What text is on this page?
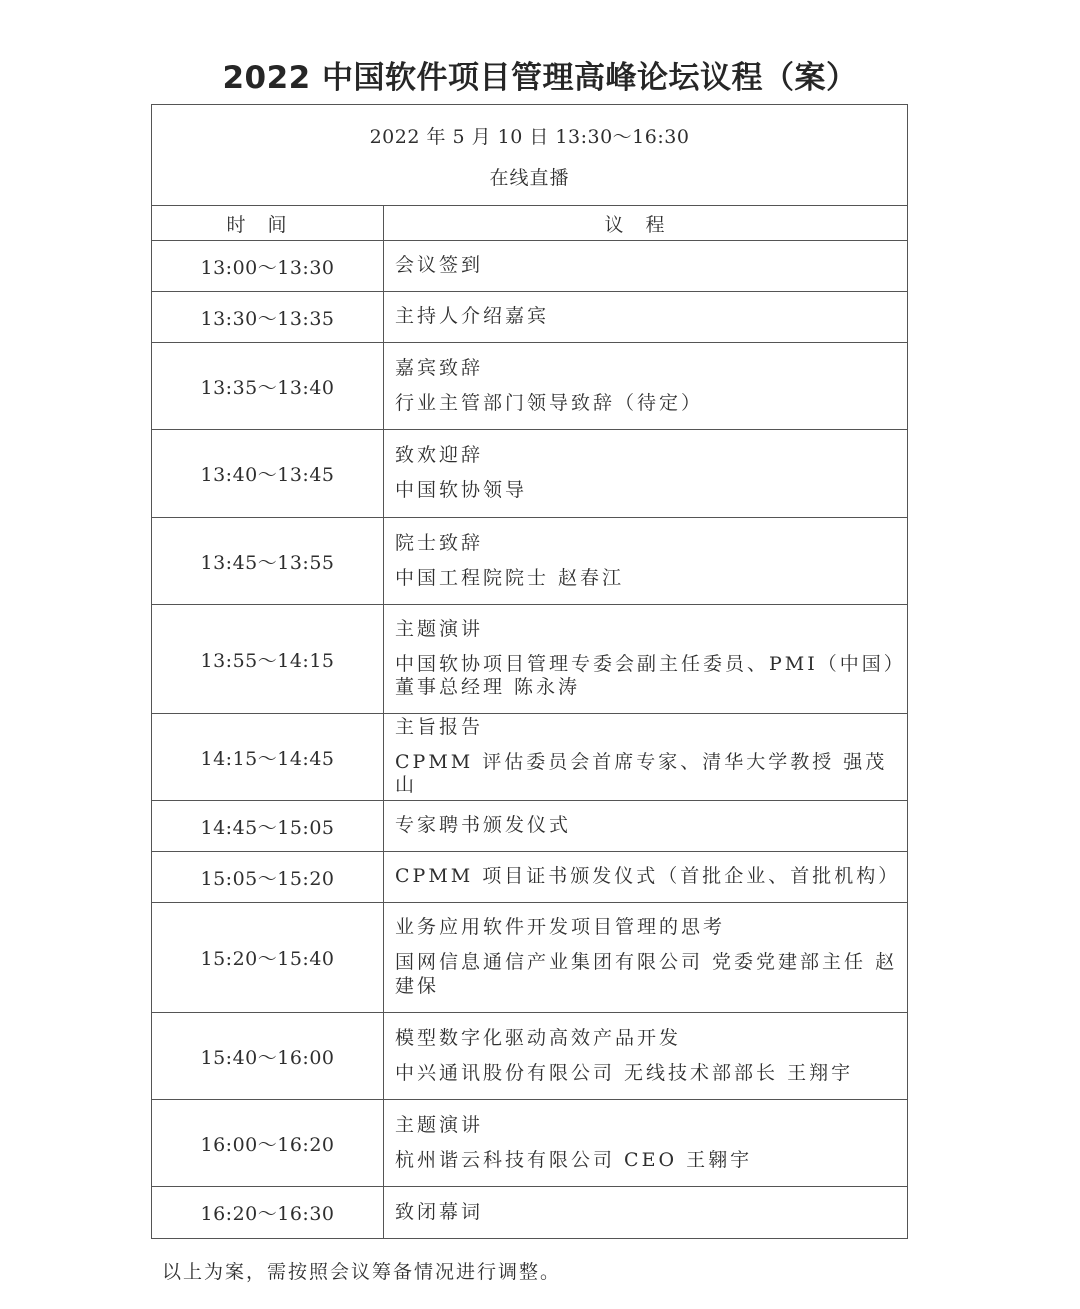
2022 中国软件项目管理高峰论坛议程（案）
2022 年 5 月 10 日 13:30～16:30
在线直播	

时间	议程
13:00～13:30	会议签到

13:30～13:35	主持人介绍嘉宾

13:35～13:40	嘉宾致辞
行业主管部门领导致辞（待定）

13:40～13:45	致欢迎辞
中国软协领导

13:45～13:55	院士致辞
中国工程院院士 赵春江

13:55～14:15	主题演讲
中国软协项目管理专委会副主任委员、PMI（中国）董事总经理 陈永涛

14:15～14:45	主旨报告
CPMM 评估委员会首席专家、清华大学教授 强茂山

14:45～15:05	专家聘书颁发仪式

15:05～15:20	CPMM 项目证书颁发仪式（首批企业、首批机构）

15:20～15:40	业务应用软件开发项目管理的思考
国网信息通信产业集团有限公司 党委党建部主任 赵建保

15:40～16:00	模型数字化驱动高效产品开发
中兴通讯股份有限公司 无线技术部部长 王翔宇

16:00～16:20	主题演讲
杭州谐云科技有限公司 CEO 王翱宇

16:20～16:30	致闭幕词
以上为案，需按照会议筹备情况进行调整。
